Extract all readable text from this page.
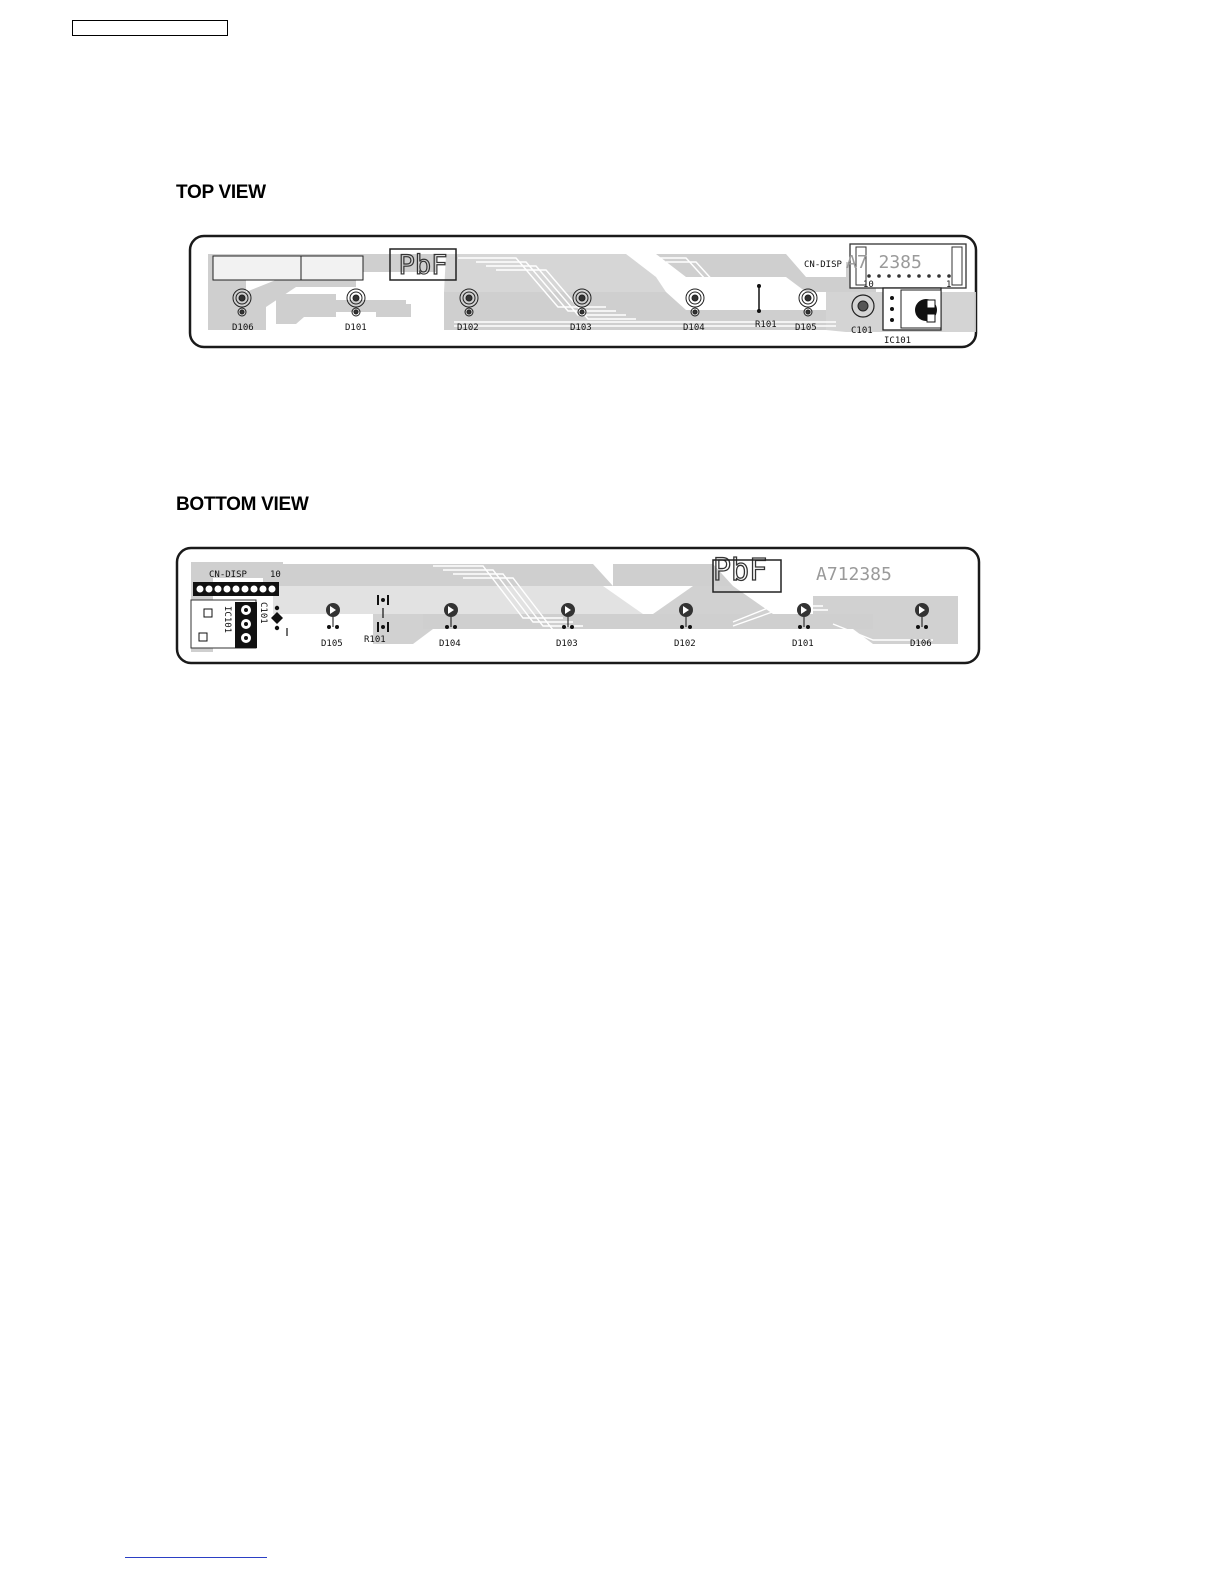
TOP VIEW
PbF	A7 2385
CN-DISP
10	1
D106	D101	D102	D103	D104	R101 D105	C101
IC101
BOTTOM VIEW
PbF	A712385
CN-DISP	10
IC101	C101
D105 R101	D104	D103	D102	D101	D106
